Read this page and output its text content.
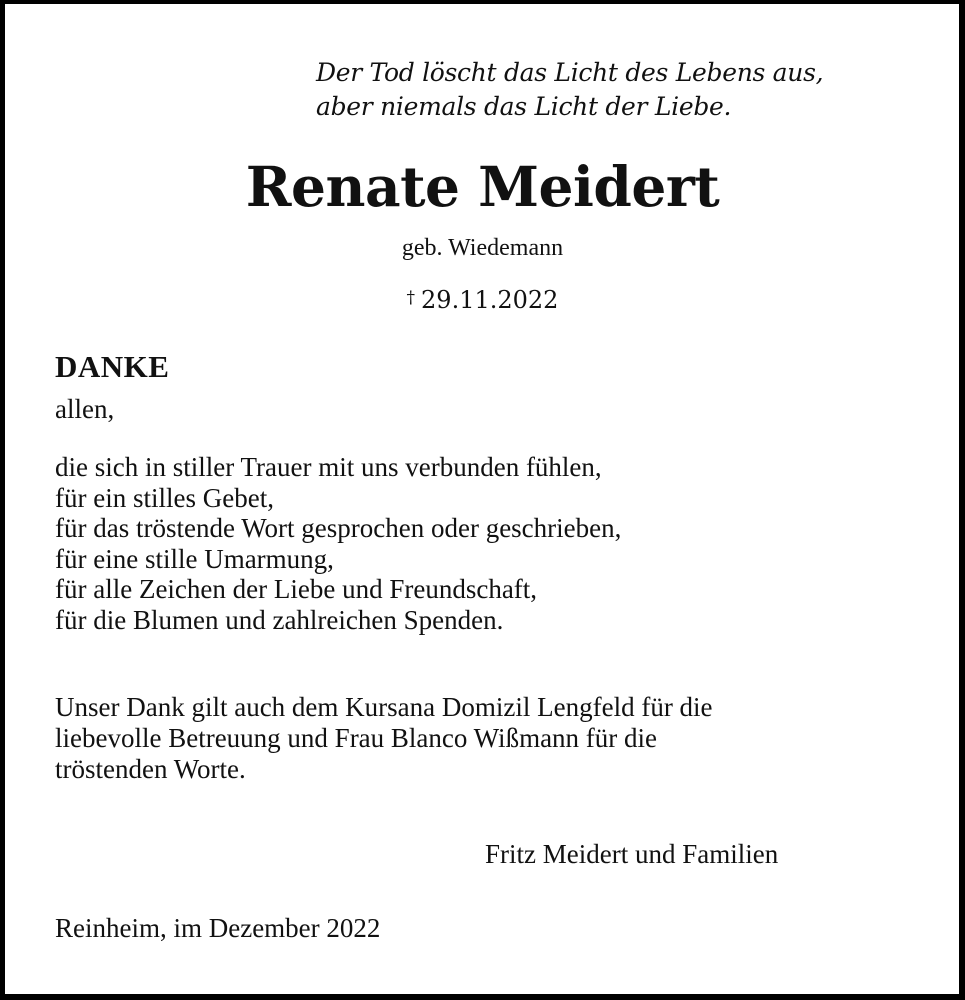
Der Tod löscht das Licht des Lebens aus,
aber niemals das Licht der Liebe.
Renate Meidert
geb. Wiedemann
† 29.11.2022
DANKE
allen,
die sich in stiller Trauer mit uns verbunden fühlen,
für ein stilles Gebet,
für das tröstende Wort gesprochen oder geschrieben,
für eine stille Umarmung,
für alle Zeichen der Liebe und Freundschaft,
für die Blumen und zahlreichen Spenden.
Unser Dank gilt auch dem Kursana Domizil Lengfeld für die
liebevolle Betreuung und Frau Blanco Wißmann für die
tröstenden Worte.
Fritz Meidert und Familien
Reinheim, im Dezember 2022
